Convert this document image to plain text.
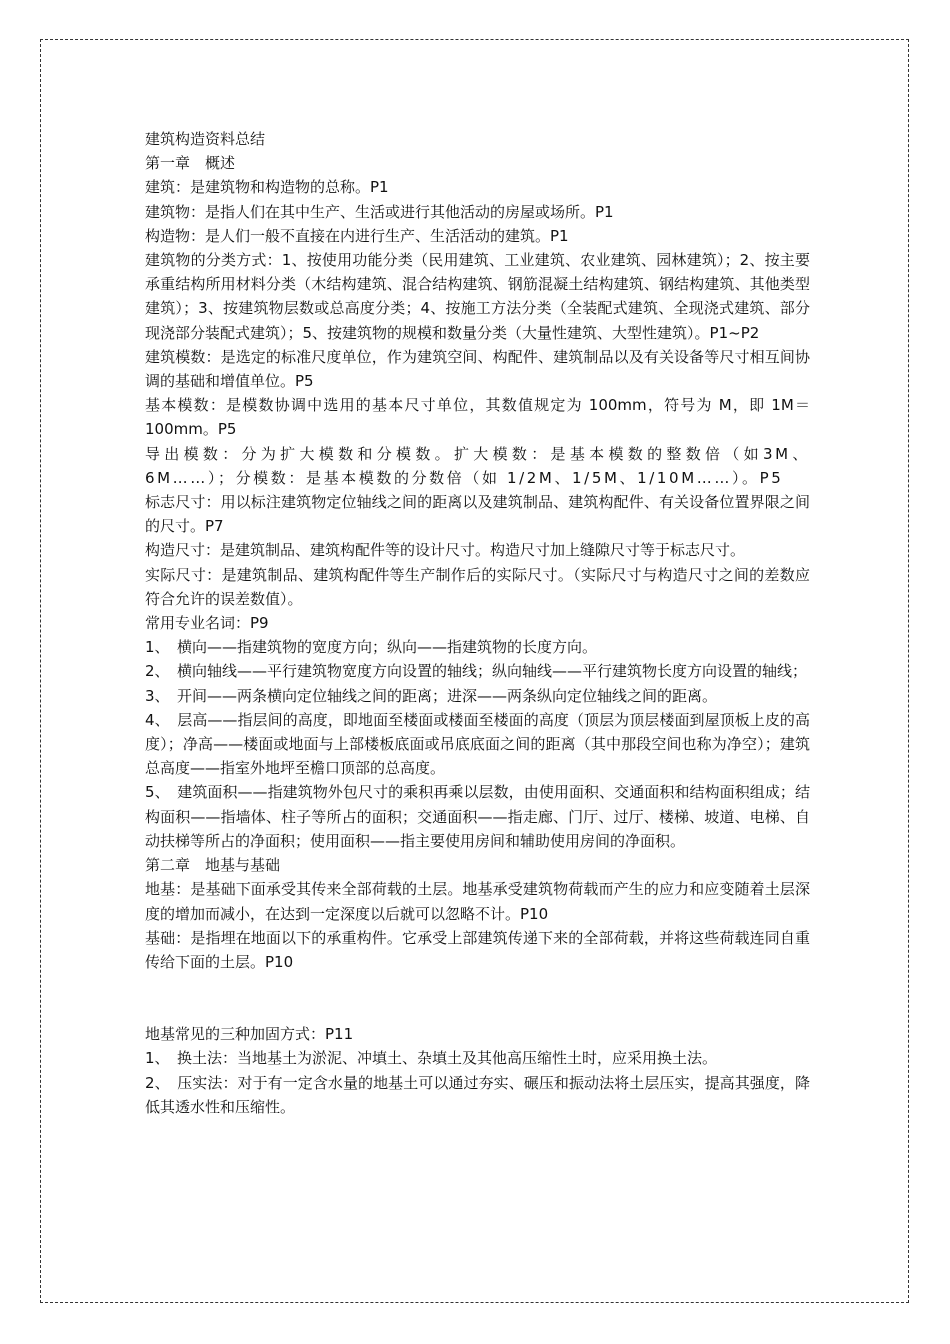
建筑构造资料总结

第一章　概述

建筑：是建筑物和构造物的总称。P1

建筑物：是指人们在其中生产、生活或进行其他活动的房屋或场所。P1

构造物：是人们一般不直接在内进行生产、生活活动的建筑。P1

建筑物的分类方式：1、按使用功能分类（民用建筑、工业建筑、农业建筑、园林建筑）；2、按主要承重结构所用材料分类（木结构建筑、混合结构建筑、钢筋混凝土结构建筑、钢结构建筑、其他类型建筑）；3、按建筑物层数或总高度分类；4、按施工方法分类（全装配式建筑、全现浇式建筑、部分现浇部分装配式建筑）；5、按建筑物的规模和数量分类（大量性建筑、大型性建筑）。P1~P2

建筑模数：是选定的标准尺度单位，作为建筑空间、构配件、建筑制品以及有关设备等尺寸相互间协调的基础和增值单位。P5

基本模数：是模数协调中选用的基本尺寸单位，其数值规定为 100mm，符号为 M，即 1M＝100mm。P5

导出模数：分为扩大模数和分模数。扩大模数：是基本模数的整数倍（如3M、6M……）；分模数：是基本模数的分数倍（如 1/2M、1/5M、1/10M……）。P5

标志尺寸：用以标注建筑物定位轴线之间的距离以及建筑制品、建筑构配件、有关设备位置界限之间的尺寸。P7

构造尺寸：是建筑制品、建筑构配件等的设计尺寸。构造尺寸加上缝隙尺寸等于标志尺寸。

实际尺寸：是建筑制品、建筑构配件等生产制作后的实际尺寸。（实际尺寸与构造尺寸之间的差数应符合允许的误差数值）。

常用专业名词：P9

1、　横向——指建筑物的宽度方向；纵向——指建筑物的长度方向。

2、　横向轴线——平行建筑物宽度方向设置的轴线；纵向轴线——平行建筑物长度方向设置的轴线；

3、　开间——两条横向定位轴线之间的距离；进深——两条纵向定位轴线之间的距离。

4、　层高——指层间的高度，即地面至楼面或楼面至楼面的高度（顶层为顶层楼面到屋顶板上皮的高度）；净高——楼面或地面与上部楼板底面或吊底底面之间的距离（其中那段空间也称为净空）；建筑总高度——指室外地坪至檐口顶部的总高度。

5、　建筑面积——指建筑物外包尺寸的乘积再乘以层数，由使用面积、交通面积和结构面积组成；结构面积——指墙体、柱子等所占的面积；交通面积——指走廊、门厅、过厅、楼梯、坡道、电梯、自动扶梯等所占的净面积；使用面积——指主要使用房间和辅助使用房间的净面积。

第二章　地基与基础

地基：是基础下面承受其传来全部荷载的土层。地基承受建筑物荷载而产生的应力和应变随着土层深度的增加而减小，在达到一定深度以后就可以忽略不计。P10

基础：是指埋在地面以下的承重构件。它承受上部建筑传递下来的全部荷载，并将这些荷载连同自重传给下面的土层。P10

地基常见的三种加固方式：P11

1、　换土法：当地基土为淤泥、冲填土、杂填土及其他高压缩性土时，应采用换土法。

2、　压实法：对于有一定含水量的地基土可以通过夯实、碾压和振动法将土层压实，提高其强度，降低其透水性和压缩性。
